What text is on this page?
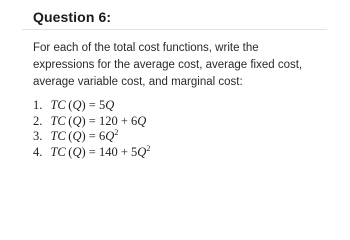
Question 6:
For each of the total cost functions, write the
expressions for the average cost, average fixed cost,
average variable cost, and marginal cost:
1. TC (Q) = 5Q
2. TC (Q) = 120 + 6Q
3. TC $(Q) = 6Q^2$
4. TC $(Q) = 140 + 5Q^2$
